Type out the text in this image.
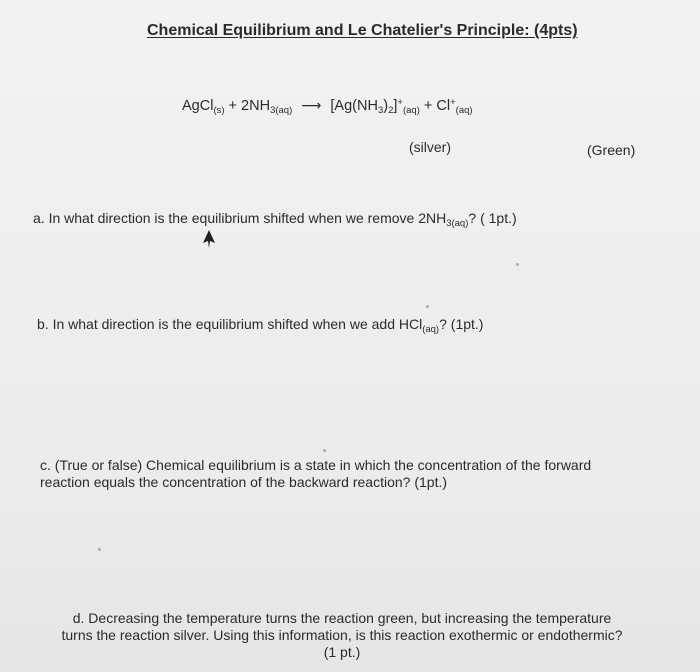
Chemical Equilibrium and Le Chatelier's Principle: (4pts)
AgCl$_{(s)}$ + $2NH_{3(aq)}$ ⟶ $[Ag(NH_3)_2]^+_{(aq)} + Cl^+_{(aq)}$
(silver)	(Green)
a. In what direction is the equilibrium shifted when we remove $2NH_{3(aq)}$? ( 1pt.)
b. In what direction is the equilibrium shifted when we add HCl$_{(aq)}$? (1pt.)
c. (True or false) Chemical equilibrium is a state in which the concentration of the forward reaction equals the concentration of the backward reaction? (1pt.)
d. Decreasing the temperature turns the reaction green, but increasing the temperature turns the reaction silver. Using this information, is this reaction exothermic or endothermic? (1 pt.)
